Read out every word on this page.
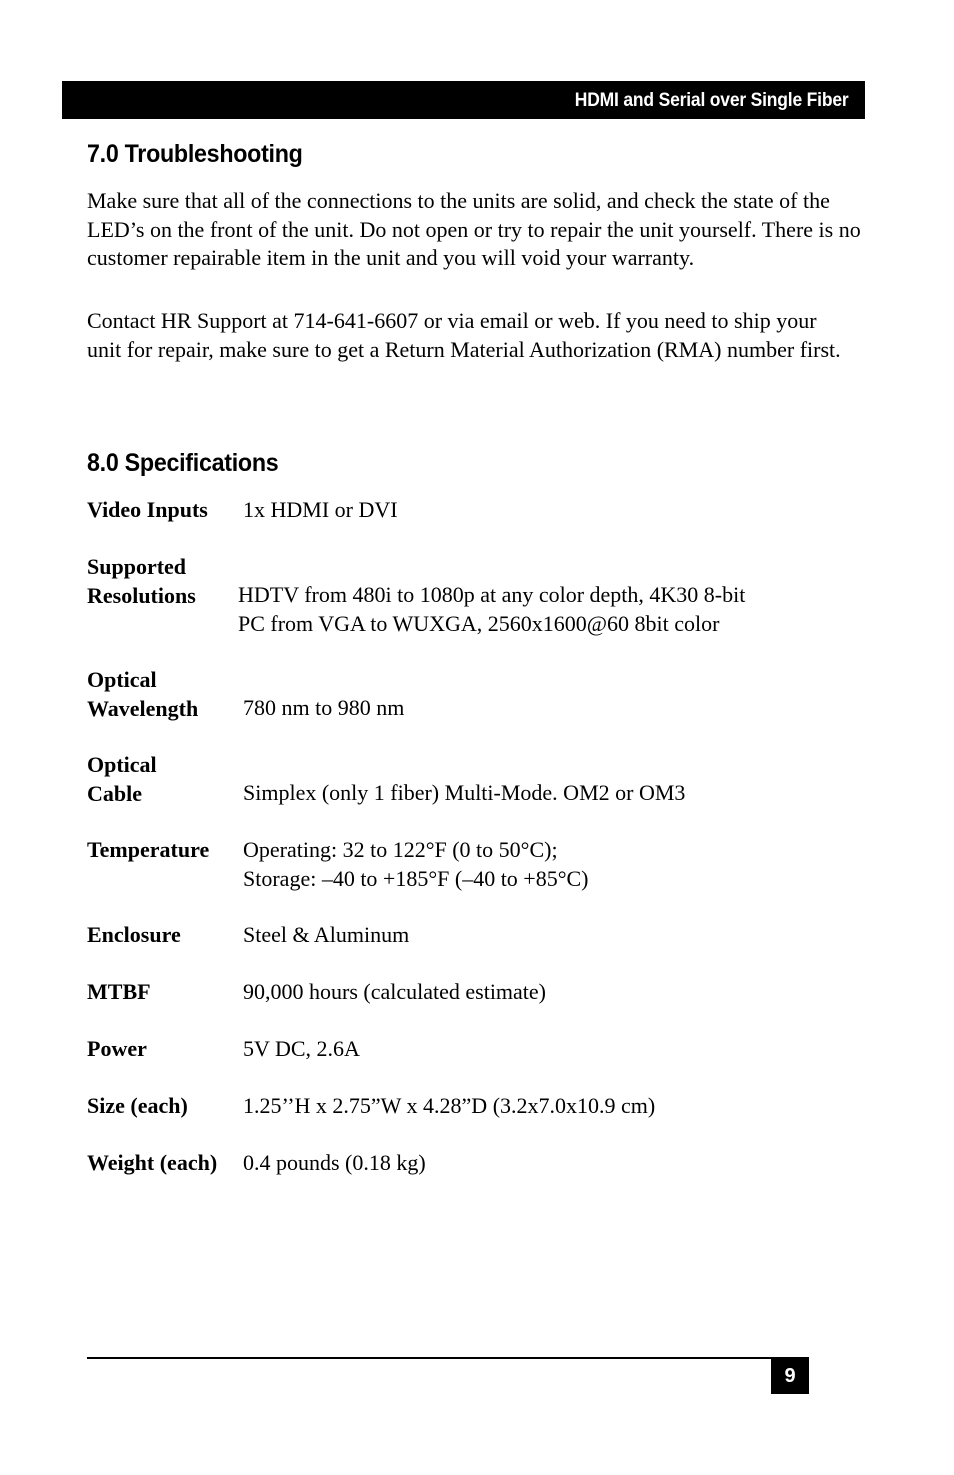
HDMI and Serial over Single Fiber
7.0 Troubleshooting

Make sure that all of the connections to the units are solid, and check the state of the LED’s on the front of the unit. Do not open or try to repair the unit yourself. There is no customer repairable item in the unit and you will void your warranty.

Contact HR Support at 714-641-6607 or via email or web. If you need to ship your unit for repair, make sure to get a Return Material Authorization (RMA) number first.

8.0 Specifications
Video Inputs 1x HDMI or DVI
Supported
Resolutions HDTV from 480i to 1080p at any color depth, 4K30 8-bit
PC from VGA to WUXGA, 2560x1600@60 8bit color
Optical
Wavelength 780 nm to 980 nm
Optical
Cable	Simplex (only 1 fiber) Multi-Mode. OM2 or OM3
Temperature Operating: 32 to 122°F (0 to 50°C);
Storage: –40 to +185°F (–40 to +85°C)
Enclosure	Steel & Aluminum
MTBF	90,000 hours (calculated estimate)
Power	5V DC, 2.6A
Size (each)	1.25’’H x 2.75”W x 4.28”D (3.2x7.0x10.9 cm)
Weight (each) 0.4 pounds (0.18 kg)
9
